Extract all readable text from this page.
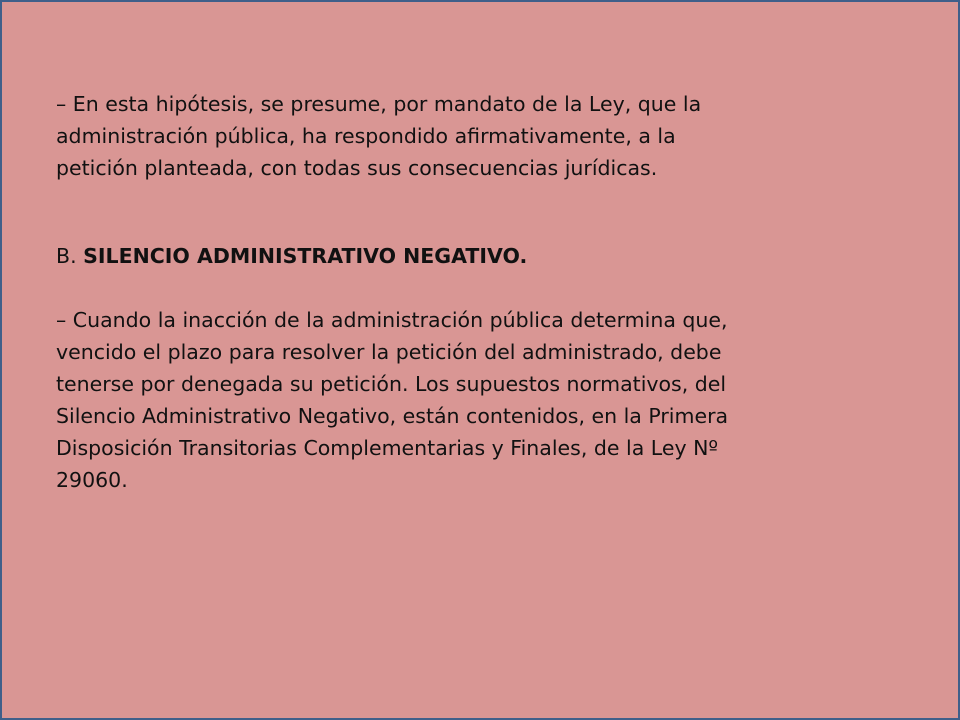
– En esta hipótesis, se presume, por mandato de la Ley, que la administración pública, ha respondido afirmativamente, a la petición planteada, con todas sus consecuencias jurídicas.

B. SILENCIO ADMINISTRATIVO NEGATIVO.

– Cuando la inacción de la administración pública determina que, vencido el plazo para resolver la petición del administrado, debe tenerse por denegada su petición. Los supuestos normativos, del Silencio Administrativo Negativo, están contenidos, en la Primera Disposición Transitorias Complementarias y Finales, de la Ley Nº 29060.
